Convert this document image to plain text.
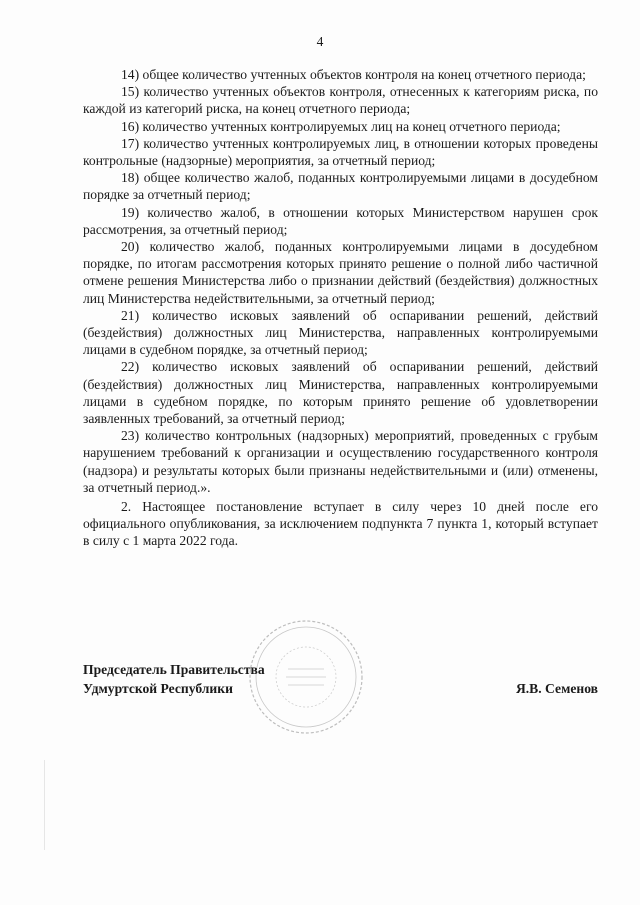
4

14) общее количество учтенных объектов контроля на конец отчетного периода;

15) количество учтенных объектов контроля, отнесенных к категориям риска, по каждой из категорий риска, на конец отчетного периода;

16) количество учтенных контролируемых лиц на конец отчетного периода;

17) количество учтенных контролируемых лиц, в отношении которых проведены контрольные (надзорные) мероприятия, за отчетный период;

18) общее количество жалоб, поданных контролируемыми лицами в досудебном порядке за отчетный период;

19) количество жалоб, в отношении которых Министерством нарушен срок рассмотрения, за отчетный период;

20) количество жалоб, поданных контролируемыми лицами в досудебном порядке, по итогам рассмотрения которых принято решение о полной либо частичной отмене решения Министерства либо о признании действий (бездействия) должностных лиц Министерства недействительными, за отчетный период;

21) количество исковых заявлений об оспаривании решений, действий (бездействия) должностных лиц Министерства, направленных контролируемыми лицами в судебном порядке, за отчетный период;

22) количество исковых заявлений об оспаривании решений, действий (бездействия) должностных лиц Министерства, направленных контролируемыми лицами в судебном порядке, по которым принято решение об удовлетворении заявленных требований, за отчетный период;

23) количество контрольных (надзорных) мероприятий, проведенных с грубым нарушением требований к организации и осуществлению государственного контроля (надзора) и результаты которых были признаны недействительными и (или) отменены, за отчетный период.».

2. Настоящее постановление вступает в силу через 10 дней после его официального опубликования, за исключением подпункта 7 пункта 1, который вступает в силу с 1 марта 2022 года.

Председатель Правительства
Удмуртской Республики	Я.В. Семенов
